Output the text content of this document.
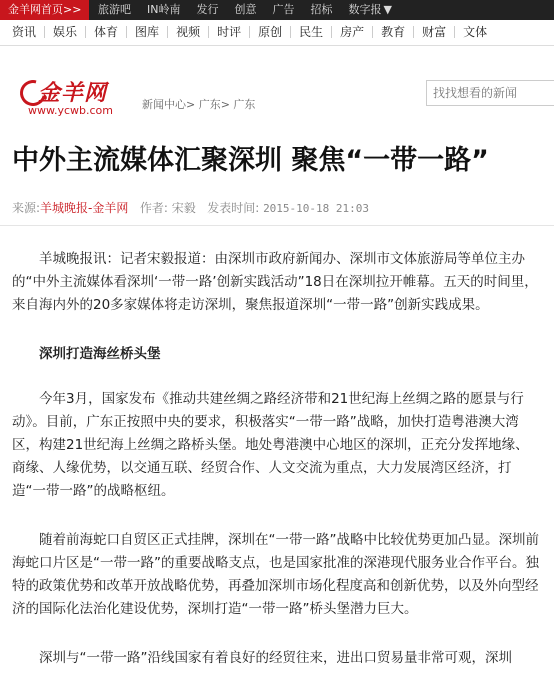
金羊网首页>>	旅游吧	IN岭南	发行	创意	广告	招标	数字报 ▼
资讯	娱乐	体育	图库	视频	时评	原创	民生	房产	教育	财富	文体
金羊网
www.ycwb.com	新闻中心> 广东> 广东
找找想看的新闻
中外主流媒体汇聚深圳 聚焦“一带一路”
来源:羊城晚报-金羊网 作者: 宋毅 发表时间: 2015-10-18 21:03

羊城晚报讯：记者宋毅报道：由深圳市政府新闻办、深圳市文体旅游局等单位主办的“中外主流媒体看深圳‘一带一路’创新实践活动”18日在深圳拉开帷幕。五天的时间里，来自海内外的20多家媒体将走访深圳，聚焦报道深圳“一带一路”创新实践成果。

深圳打造海丝桥头堡

今年3月，国家发布《推动共建丝绸之路经济带和21世纪海上丝绸之路的愿景与行动》。目前，广东正按照中央的要求，积极落实“一带一路”战略，加快打造粤港澳大湾区，构建21世纪海上丝绸之路桥头堡。地处粤港澳中心地区的深圳，正充分发挥地缘、商缘、人缘优势，以交通互联、经贸合作、人文交流为重点，大力发展湾区经济，打造“一带一路”的战略枢纽。

随着前海蛇口自贸区正式挂牌，深圳在“一带一路”战略中比较优势更加凸显。深圳前海蛇口片区是“一带一路”的重要战略支点，也是国家批准的深港现代服务业合作平台。独特的政策优势和改革开放战略优势，再叠加深圳市场化程度高和创新优势，以及外向型经济的国际化法治化建设优势，深圳打造“一带一路”桥头堡潜力巨大。

深圳与“一带一路”沿线国家有着良好的经贸往来，进出口贸易量非常可观，深圳
